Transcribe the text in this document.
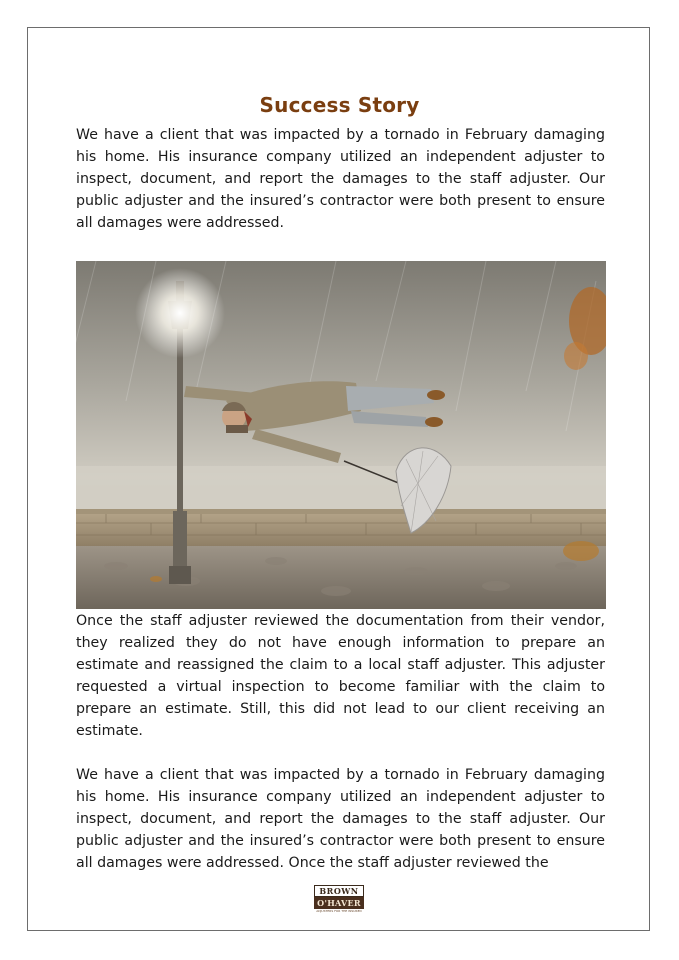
Success Story

We have a client that was impacted by a tornado in February damaging his home. His insurance company utilized an independent adjuster to inspect, document, and report the damages to the staff adjuster. Our public adjuster and the insured’s contractor were both present to ensure all damages were addressed.

Once the staff adjuster reviewed the documentation from their vendor, they realized they do not have enough information to prepare an estimate and reassigned the claim to a local staff adjuster. This adjuster requested a virtual inspection to become familiar with the claim to prepare an estimate. Still, this did not lead to our client receiving an estimate.

We have a client that was impacted by a tornado in February damaging his home. His insurance company utilized an independent adjuster to inspect, document, and report the damages to the staff adjuster. Our public adjuster and the insured’s contractor were both present to ensure all damages were addressed. Once the staff adjuster reviewed the

BROWN
O'HAVER
ADJUSTERS FOR THE INSURED
